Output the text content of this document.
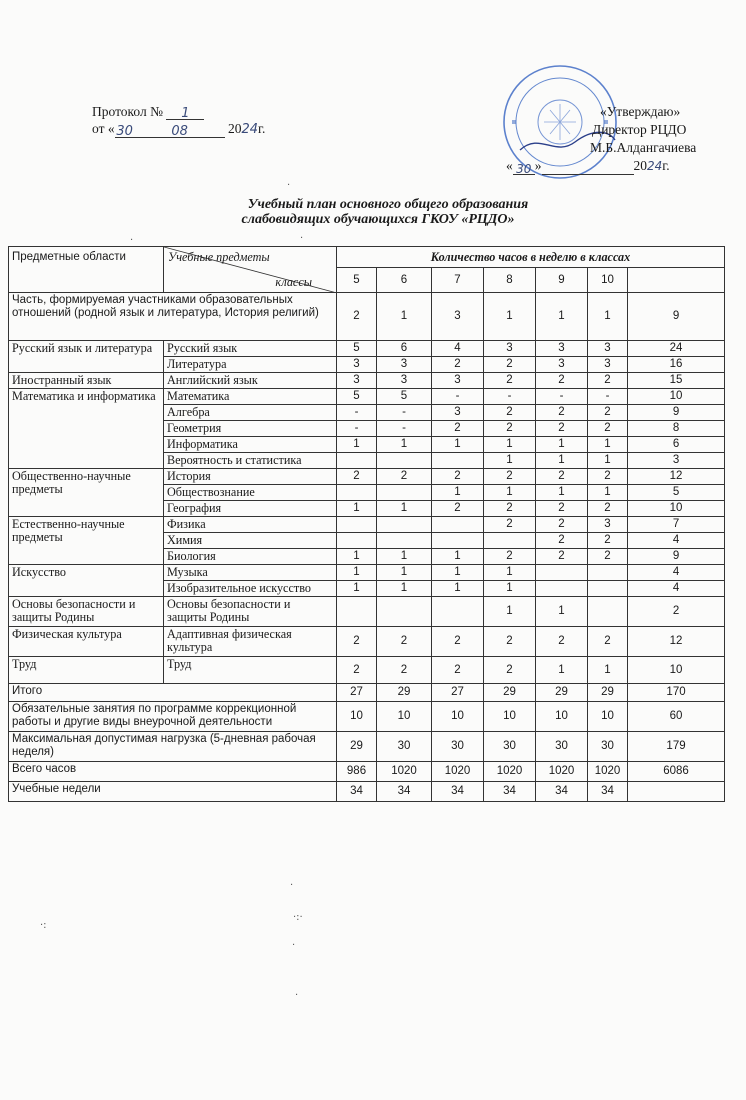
Протокол № 1
от « 30	08	2024г.
«Утверждаю»
Директор РЦДО
М.Б.Алдангачиева
« 30 »	2024г.
Учебный план основного общего образования
слабовидящих обучающихся ГКОУ «РЦДО»
Предметные области	Учебные предметы
классы	Количество часов в неделю в классах						
		5	6	7	8	9	10	
Часть, формируемая участниками образовательных отношений (родной язык и литература, История религий)		2	1	3	1	1	1	9
Русский язык и литература	Русский язык	5	6	4	3	3	3	24
	Литература	3	3	2	2	3	3	16
Иностранный язык	Английский язык	3	3	3	2	2	2	15
Математика и информатика	Математика	5	5	-	-	-	-	10
	Алгебра	-	-	3	2	2	2	9
	Геометрия	-	-	2	2	2	2	8
	Информатика	1	1	1	1	1	1	6
	Вероятность и статистика				1	1	1	3
Общественно-научные предметы	История	2	2	2	2	2	2	12
	Обществознание			1	1	1	1	5
	География	1	1	2	2	2	2	10
Естественно-научные предметы	Физика				2	2	3	7
	Химия					2	2	4
	Биология	1	1	1	2	2	2	9
Искусство	Музыка	1	1	1	1			4
	Изобразительное искусство	1	1	1	1			4
Основы безопасности и защиты Родины	Основы безопасности и защиты Родины				1	1		2
Физическая культура	Адаптивная физическая культура	2	2	2	2	2	2	12
Труд	Труд	2	2	2	2	1	1	10
Итого		27	29	27	29	29	29	170
Обязательные занятия по программе коррекционной работы и другие виды внеурочной деятельности		10	10	10	10	10	10	60
Максимальная допустимая нагрузка (5-дневная рабочая неделя)		29	30	30	30	30	30	179
Всего часов		986	1020	1020	1020	1020	1020	6086
Учебные недели		34	34	34	34	34	34	
·
·
·
·
·:·
·
·:
·
